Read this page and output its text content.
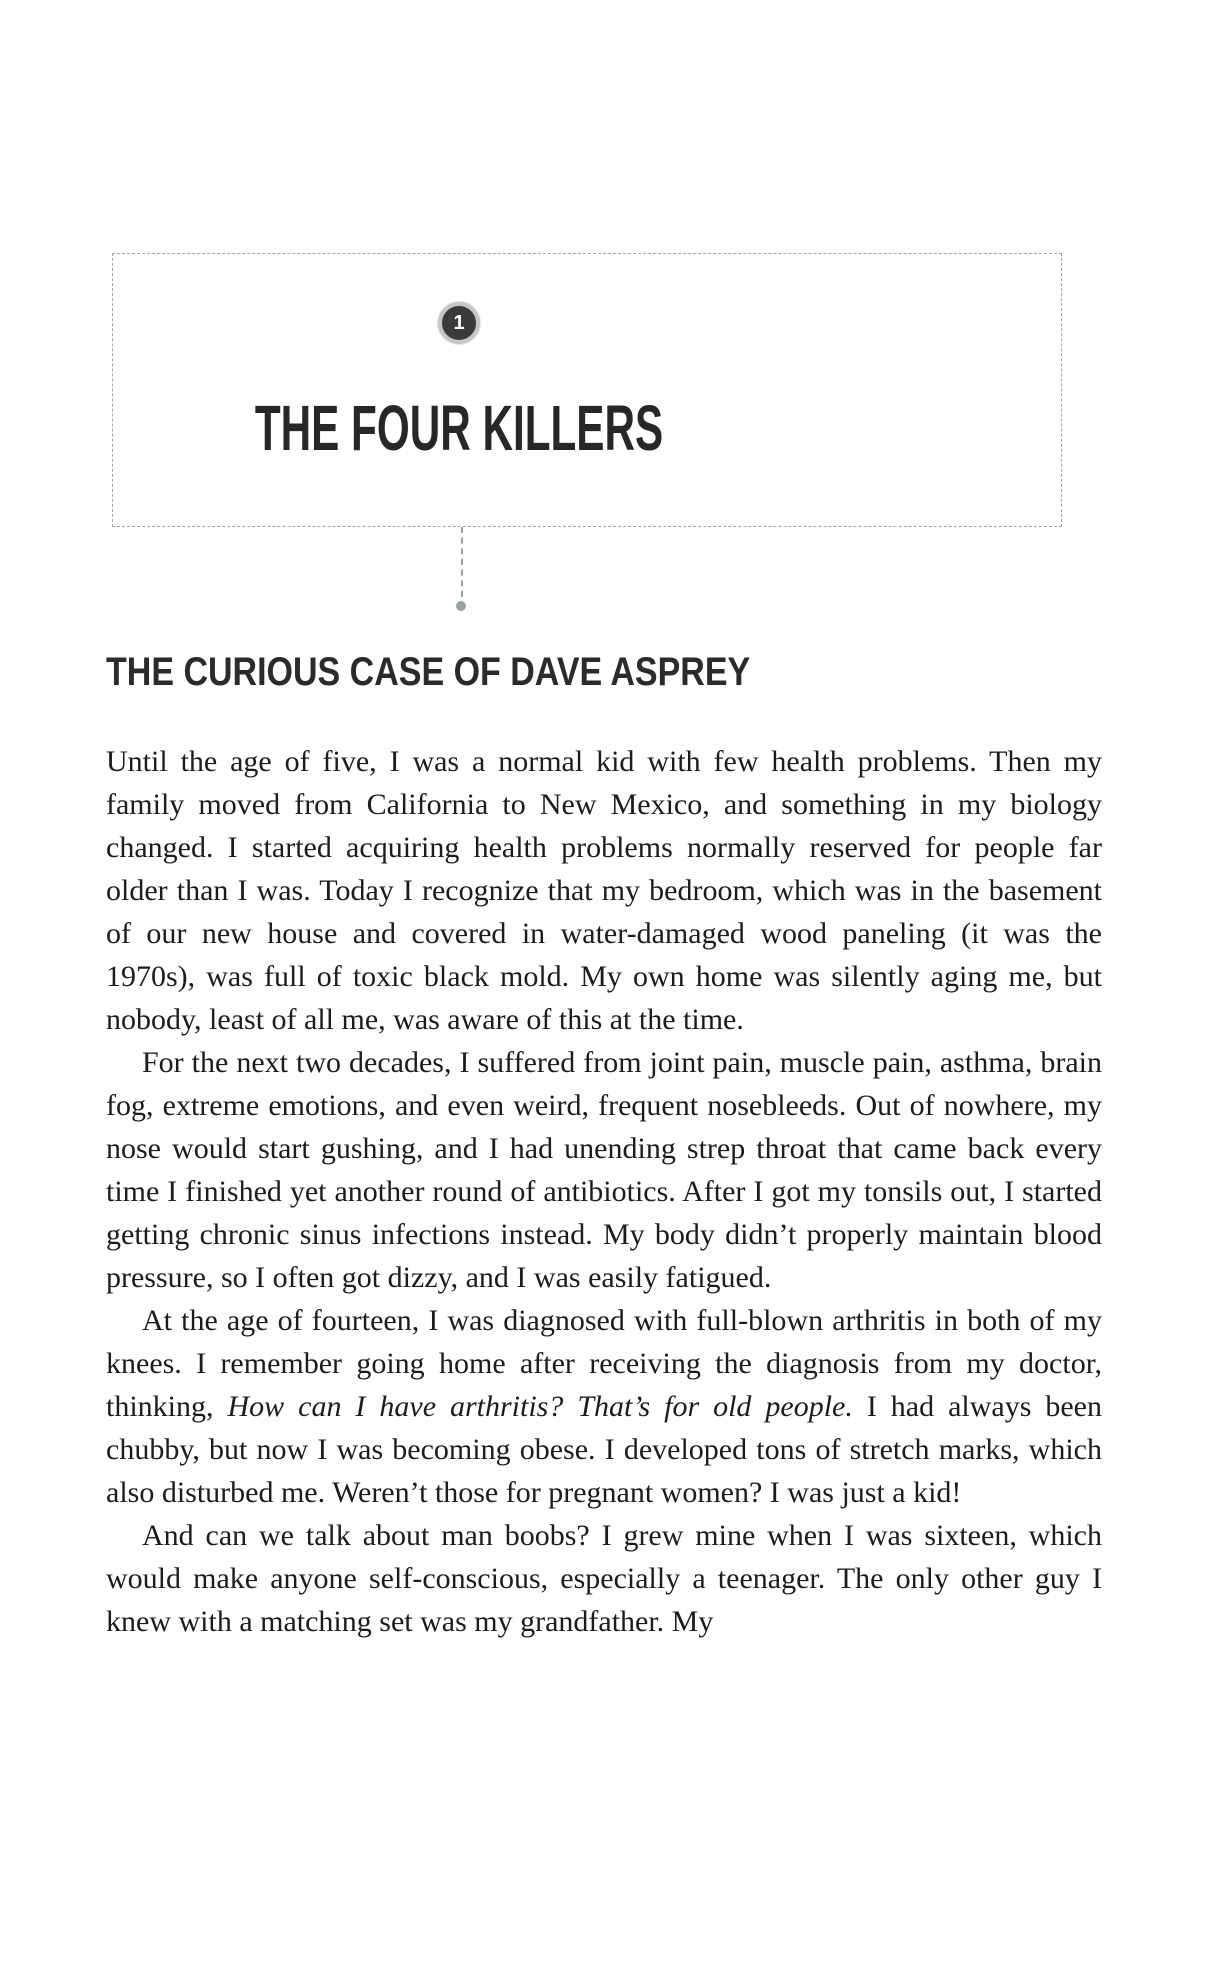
1
THE FOUR KILLERS
THE CURIOUS CASE OF DAVE ASPREY

Until the age of five, I was a normal kid with few health problems. Then my family moved from California to New Mexico, and something in my biology changed. I started acquiring health problems normally reserved for people far older than I was. Today I recognize that my bedroom, which was in the basement of our new house and covered in water-damaged wood paneling (it was the 1970s), was full of toxic black mold. My own home was silently aging me, but nobody, least of all me, was aware of this at the time.

For the next two decades, I suffered from joint pain, muscle pain, asthma, brain fog, extreme emotions, and even weird, frequent nosebleeds. Out of nowhere, my nose would start gushing, and I had unending strep throat that came back every time I finished yet another round of antibiotics. After I got my tonsils out, I started getting chronic sinus infections instead. My body didn’t properly maintain blood pressure, so I often got dizzy, and I was easily fatigued.

At the age of fourteen, I was diagnosed with full-blown arthritis in both of my knees. I remember going home after receiving the diagnosis from my doctor, thinking, How can I have arthritis? That’s for old people. I had always been chubby, but now I was becoming obese. I developed tons of stretch marks, which also disturbed me. Weren’t those for pregnant women? I was just a kid!

And can we talk about man boobs? I grew mine when I was sixteen, which would make anyone self-conscious, especially a teenager. The only other guy I knew with a matching set was my grandfather. My
